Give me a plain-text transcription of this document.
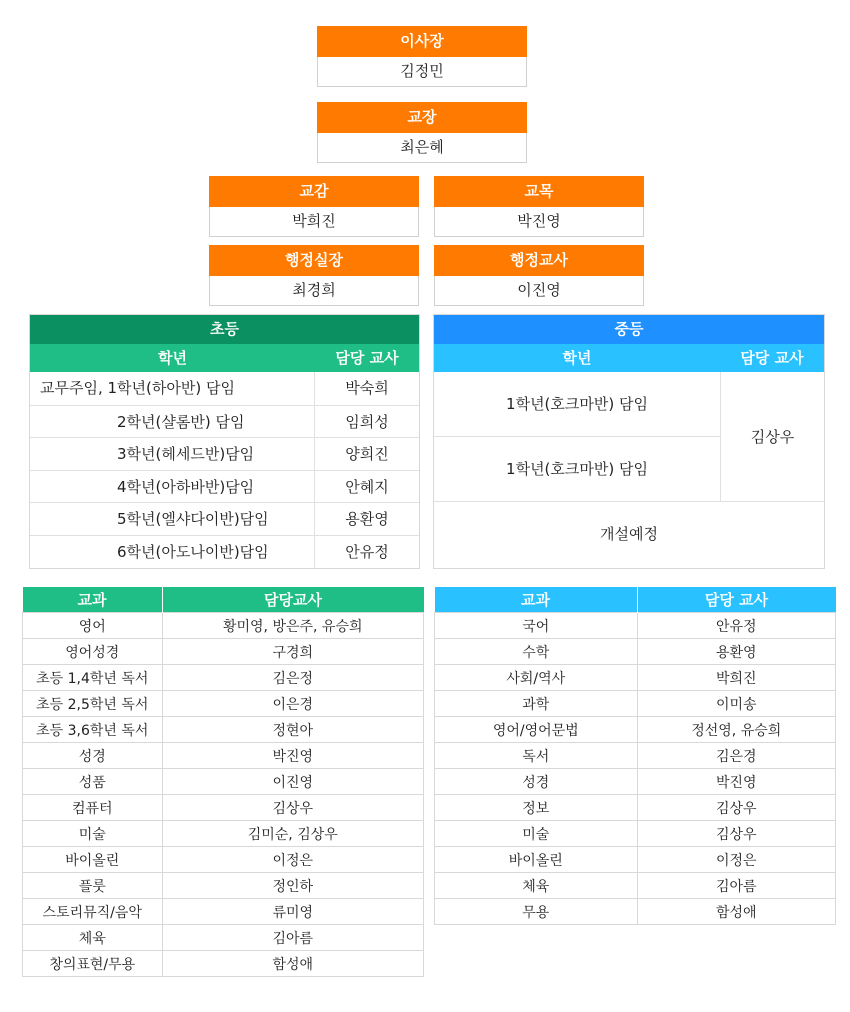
이사장
김정민
교장
최은혜
교감
박희진
교목
박진영
행정실장
최경희
행정교사
이진영
초등
학년	담당 교사
교무주임, 1학년(하아반) 담임	박숙희
2학년(샬롬반) 담임	임희성
3학년(헤세드반)담임	양희진
4학년(아하바반)담임	안혜지
5학년(엘샤다이반)담임	용환영
6학년(아도나이반)담임	안유정
중등
학년	담당 교사
1학년(호크마반) 담임
1학년(호크마반) 담임
김상우
개설예정
교과	담당교사
영어	황미영, 방은주, 유승희
영어성경	구경희
초등 1,4학년 독서	김은정
초등 2,5학년 독서	이은경
초등 3,6학년 독서	정현아
성경	박진영
성품	이진영
컴퓨터	김상우
미술	김미순, 김상우
바이올린	이정은
플룻	정인하
스토리뮤직/음악	류미영
체육	김아름
창의표현/무용	함성애
교과	담당 교사
국어	안유정
수학	용환영
사회/역사	박희진
과학	이미송
영어/영어문법	정선영, 유승희
독서	김은경
성경	박진영
정보	김상우
미술	김상우
바이올린	이정은
체육	김아름
무용	함성애
